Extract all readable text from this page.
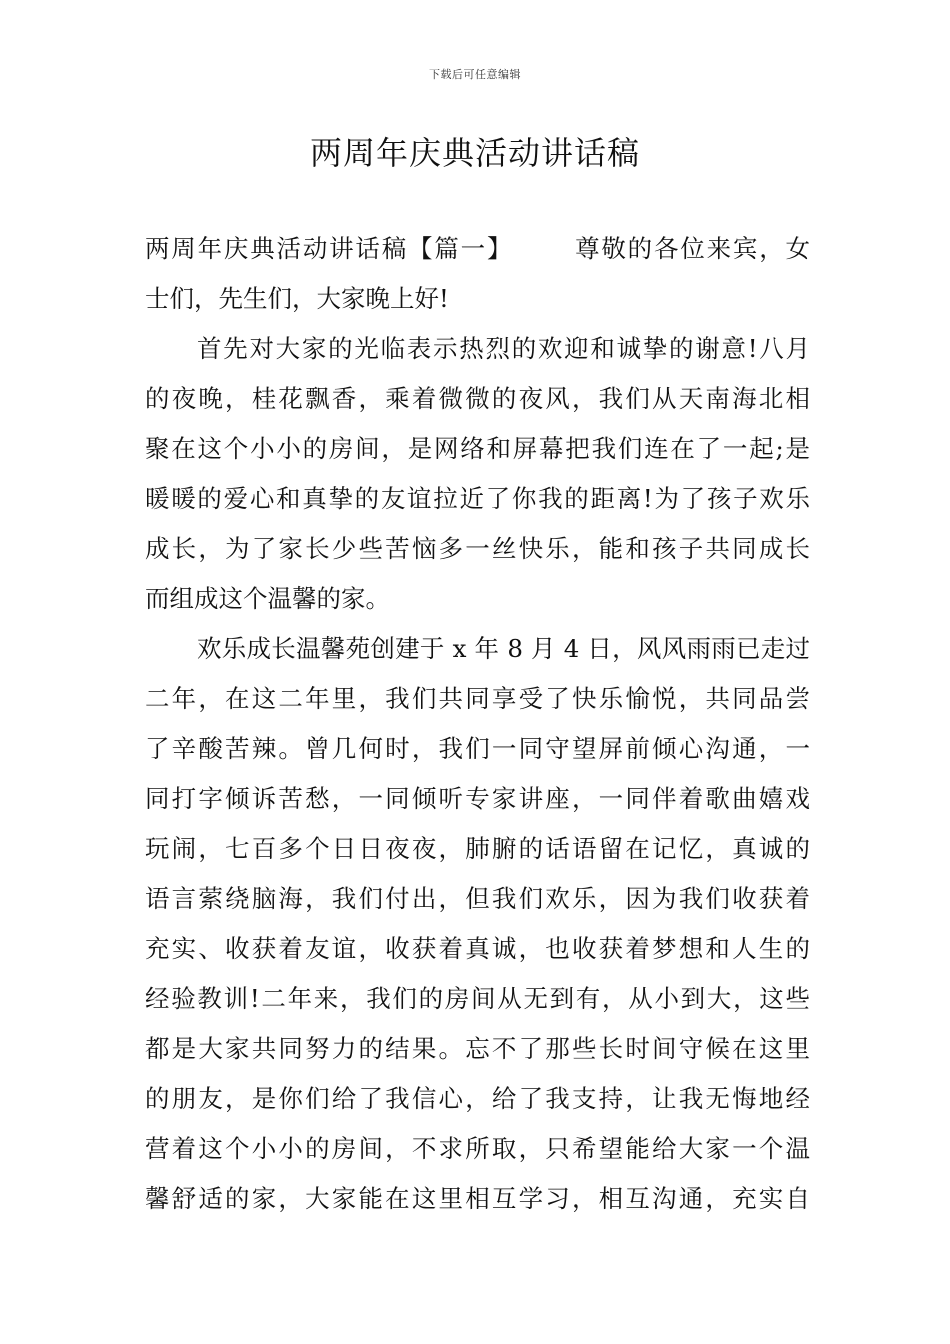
下载后可任意编辑
两周年庆典活动讲话稿
两周年庆典活动讲话稿【篇一】 尊敬的各位来宾，女
士们，先生们，大家晚上好!
首先对大家的光临表示热烈的欢迎和诚挚的谢意!八月
的夜晚，桂花飘香，乘着微微的夜风，我们从天南海北相
聚在这个小小的房间，是网络和屏幕把我们连在了一起;是
暖暖的爱心和真挚的友谊拉近了你我的距离!为了孩子欢乐
成长，为了家长少些苦恼多一丝快乐，能和孩子共同成长
而组成这个温馨的家。
欢乐成长温馨苑创建于 x 年 8 月 4 日，风风雨雨已走过
二年，在这二年里，我们共同享受了快乐愉悦，共同品尝
了辛酸苦辣。曾几何时，我们一同守望屏前倾心沟通，一
同打字倾诉苦愁，一同倾听专家讲座，一同伴着歌曲嬉戏
玩闹，七百多个日日夜夜，肺腑的话语留在记忆，真诚的
语言萦绕脑海，我们付出，但我们欢乐，因为我们收获着
充实、收获着友谊，收获着真诚，也收获着梦想和人生的
经验教训!二年来，我们的房间从无到有，从小到大，这些
都是大家共同努力的结果。忘不了那些长时间守候在这里
的朋友，是你们给了我信心，给了我支持，让我无悔地经
营着这个小小的房间，不求所取，只希望能给大家一个温
馨舒适的家，大家能在这里相互学习，相互沟通，充实自
